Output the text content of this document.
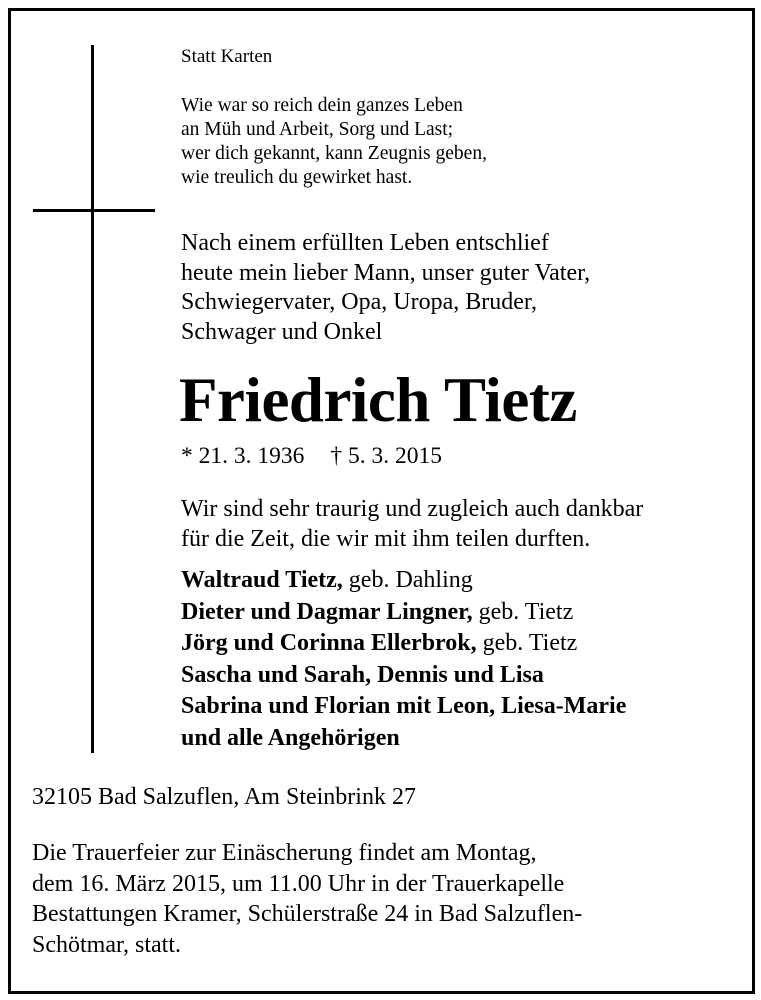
Statt Karten
Wie war so reich dein ganzes Leben
an Müh und Arbeit, Sorg und Last;
wer dich gekannt, kann Zeugnis geben,
wie treulich du gewirket hast.
Nach einem erfüllten Leben entschlief
heute mein lieber Mann, unser guter Vater,
Schwiegervater, Opa, Uropa, Bruder,
Schwager und Onkel
Friedrich Tietz
* 21. 3. 1936 † 5. 3. 2015
Wir sind sehr traurig und zugleich auch dankbar
für die Zeit, die wir mit ihm teilen durften.
Waltraud Tietz, geb. Dahling
Dieter und Dagmar Lingner, geb. Tietz
Jörg und Corinna Ellerbrok, geb. Tietz
Sascha und Sarah, Dennis und Lisa
Sabrina und Florian mit Leon, Liesa-Marie
und alle Angehörigen
32105 Bad Salzuflen, Am Steinbrink 27
Die Trauerfeier zur Einäscherung findet am Montag,
dem 16. März 2015, um 11.00 Uhr in der Trauerkapelle
Bestattungen Kramer, Schülerstraße 24 in Bad Salzuflen-
Schötmar, statt.
